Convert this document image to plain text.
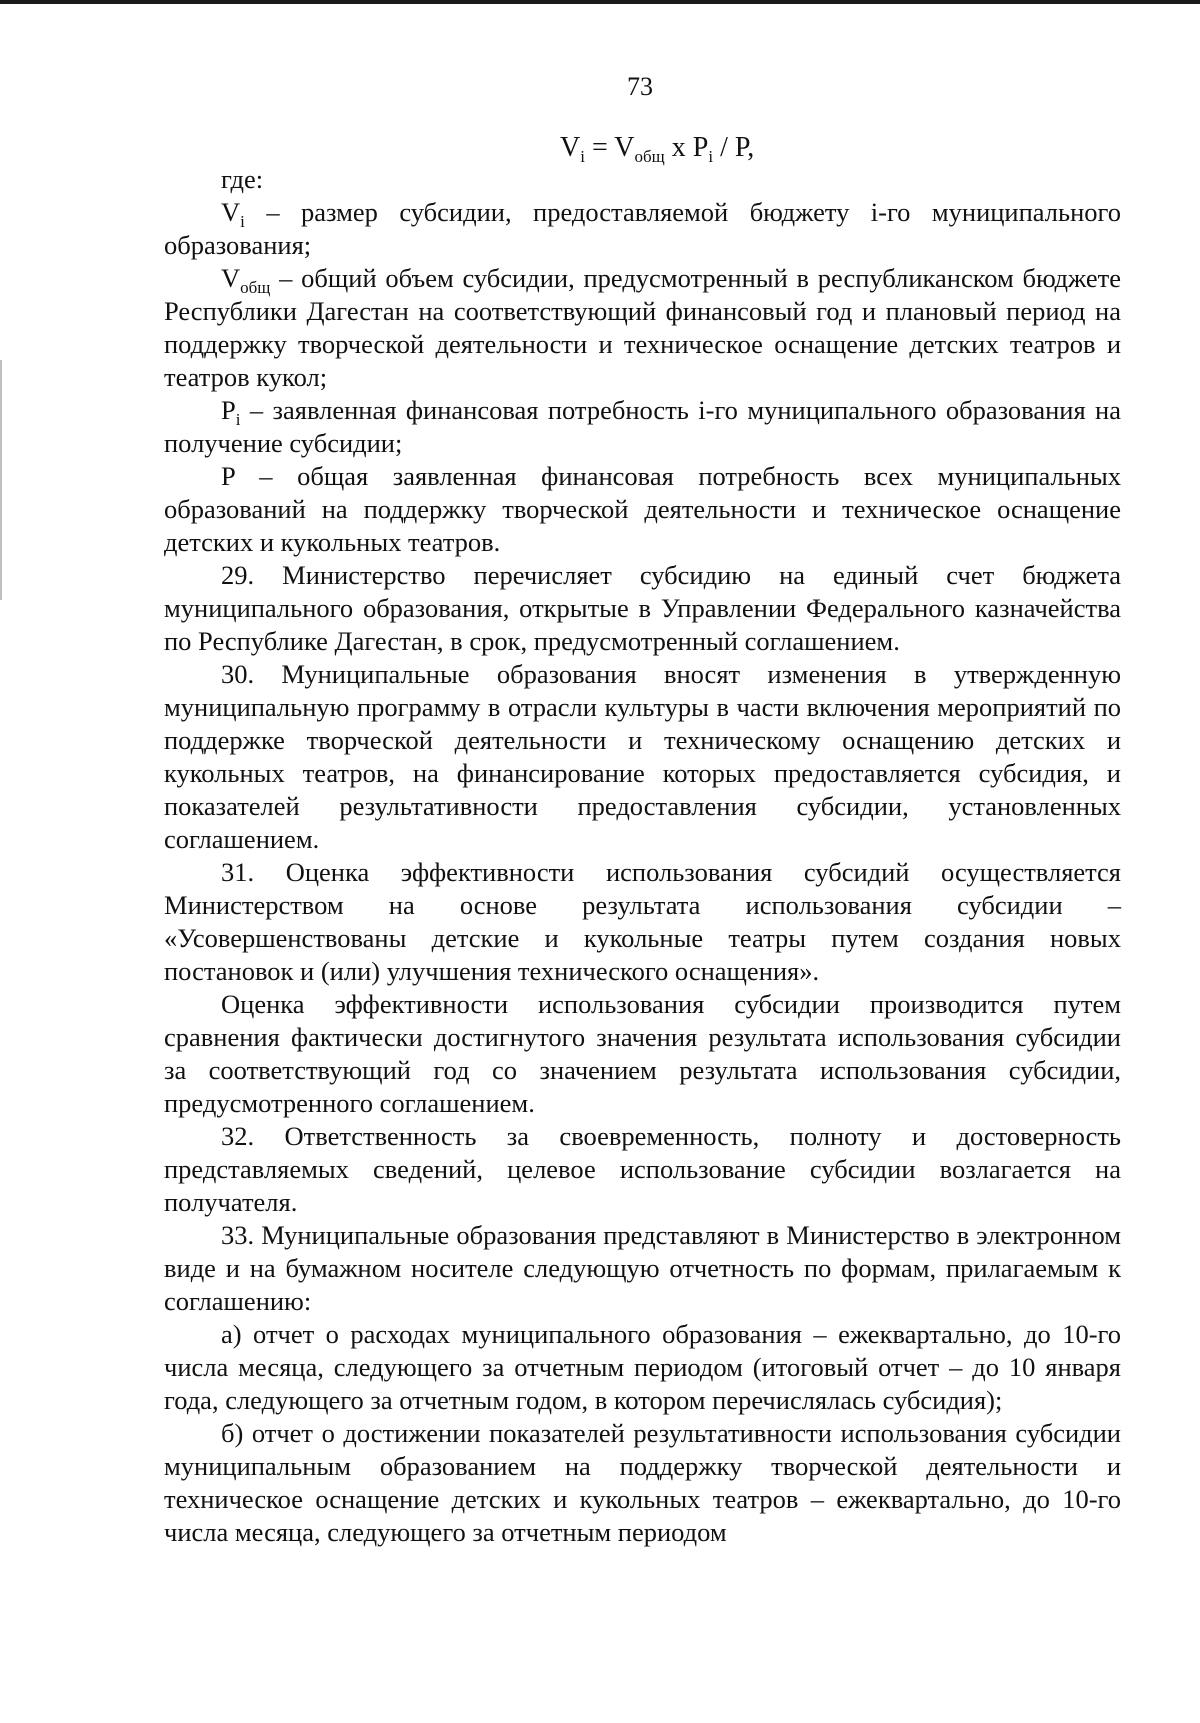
73
$V_i = V_{общ}$ x $P_i$ / P,

где:

$V_i$ – размер субсидии, предоставляемой бюджету i-го муниципального образования;

$V_{общ}$ – общий объем субсидии, предусмотренный в республиканском бюджете Республики Дагестан на соответствующий финансовый год и плановый период на поддержку творческой деятельности и техническое оснащение детских театров и театров кукол;

$P_i$ – заявленная финансовая потребность i-го муниципального образования на получение субсидии;

P – общая заявленная финансовая потребность всех муниципальных образований на поддержку творческой деятельности и техническое оснащение детских и кукольных театров.

29. Министерство перечисляет субсидию на единый счет бюджета муниципального образования, открытые в Управлении Федерального казначейства по Республике Дагестан, в срок, предусмотренный соглашением.

30. Муниципальные образования вносят изменения в утвержденную муниципальную программу в отрасли культуры в части включения мероприятий по поддержке творческой деятельности и техническому оснащению детских и кукольных театров, на финансирование которых предоставляется субсидия, и показателей результативности предоставления субсидии, установленных соглашением.

31. Оценка эффективности использования субсидий осуществляется Министерством на основе результата использования субсидии – «Усовершенствованы детские и кукольные театры путем создания новых постановок и (или) улучшения технического оснащения».

Оценка эффективности использования субсидии производится путем сравнения фактически достигнутого значения результата использования субсидии за соответствующий год со значением результата использования субсидии, предусмотренного соглашением.

32. Ответственность за своевременность, полноту и достоверность представляемых сведений, целевое использование субсидии возлагается на получателя.

33. Муниципальные образования представляют в Министерство в электронном виде и на бумажном носителе следующую отчетность по формам, прилагаемым к соглашению:

а) отчет о расходах муниципального образования – ежеквартально, до 10-го числа месяца, следующего за отчетным периодом (итоговый отчет – до 10 января года, следующего за отчетным годом, в котором перечислялась субсидия);

б) отчет о достижении показателей результативности использования субсидии муниципальным образованием на поддержку творческой деятельности и техническое оснащение детских и кукольных театров – ежеквартально, до 10-го числа месяца, следующего за отчетным периодом
